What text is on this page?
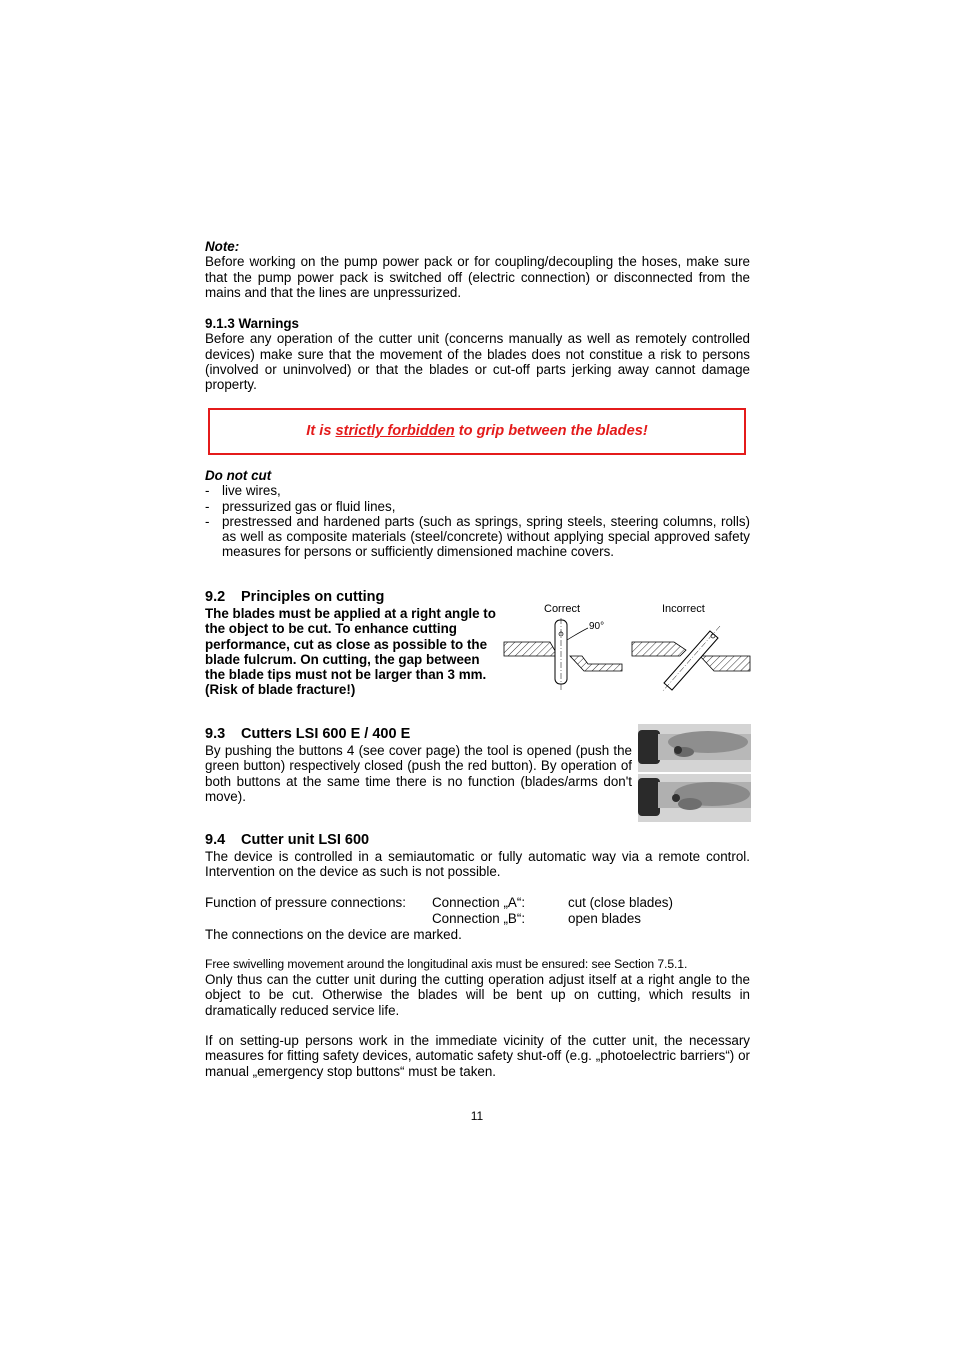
Note:

Before working on the pump power pack or for coupling/decoupling the hoses, make sure that the pump power pack is switched off (electric connection) or disconnected from the mains and that the lines are unpressurized.

9.1.3 Warnings

Before any operation of the cutter unit (concerns manually as well as remotely controlled devices) make sure that the movement of the blades does not constitue a risk to persons (involved or uninvolved) or that the blades or cut-off parts jerking away cannot damage property.

It is strictly forbidden to grip between the blades!

Do not cut

- live wires,
- pressurized gas or fluid lines,
- prestressed and hardened parts (such as springs, spring steels, steering columns, rolls) as well as composite materials (steel/concrete) without applying special approved safety measures for persons or sufficiently dimensioned machine covers.
9.2 Principles on cutting

The blades must be applied at a right angle to the object to be cut. To enhance cutting performance, cut as close as possible to the blade fulcrum. On cutting, the gap between the blade tips must not be larger than 3 mm. (Risk of blade fracture!)

Correct	Incorrect
90°
9.3 Cutters LSI 600 E / 400 E

By pushing the buttons 4 (see cover page) the tool is opened (push the green button) respectively closed (push the red button). By operation of both buttons at the same time there is no function (blades/arms don't move).

9.4 Cutter unit LSI 600

The device is controlled in a semiautomatic or fully automatic way via a remote control. Intervention on the device as such is not possible.

Function of pressure connections: Connection „A“:	cut (close blades)
Connection „B“:	open blades

The connections on the device are marked.

Free swivelling movement around the longitudinal axis must be ensured: see Section 7.5.1.

Only thus can the cutter unit during the cutting operation adjust itself at a right angle to the object to be cut. Otherwise the blades will be bent up on cutting, which results in dramatically reduced service life.

If on setting-up persons work in the immediate vicinity of the cutter unit, the necessary measures for fitting safety devices, automatic safety shut-off (e.g. „photoelectric barriers“) or manual „emergency stop buttons“ must be taken.

11
